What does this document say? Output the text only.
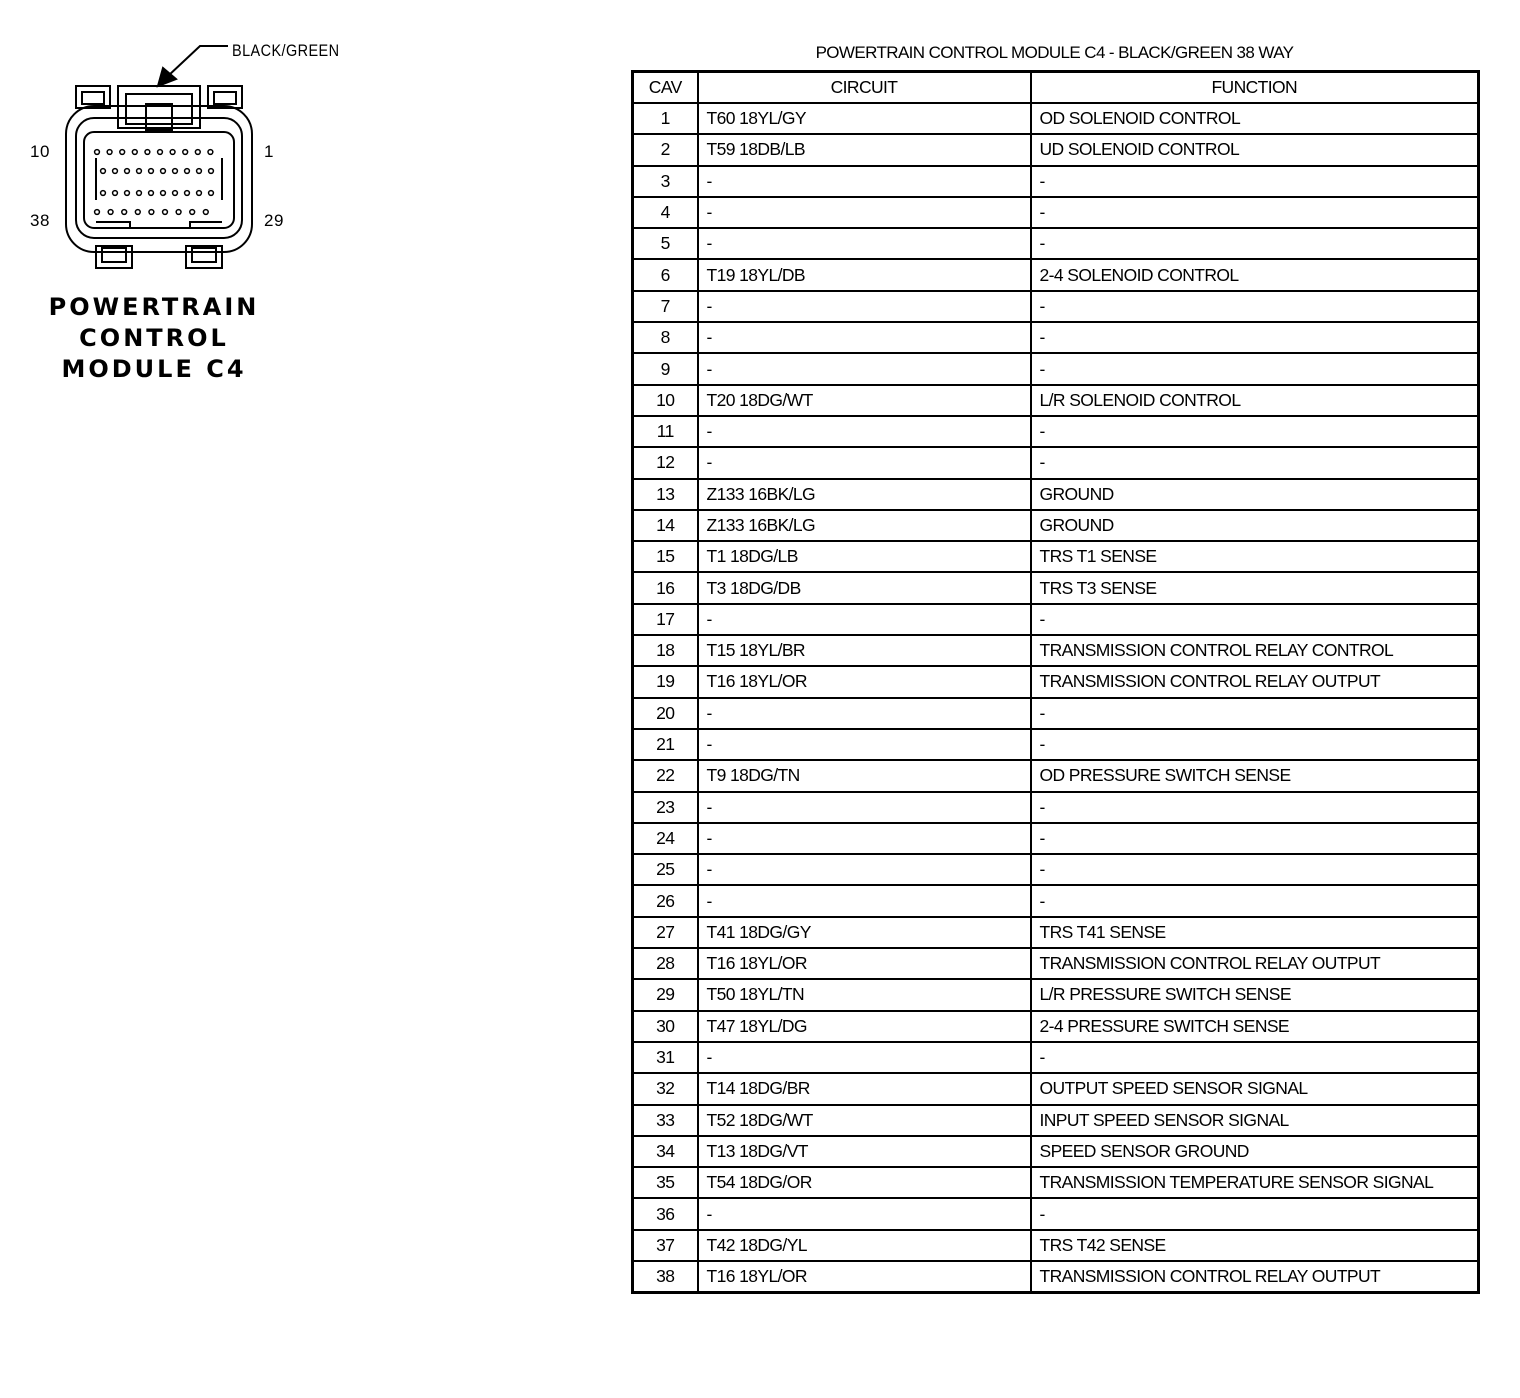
BLACK/GREEN
10	1
38	29
POWERTRAIN
CONTROL
MODULE C4
POWERTRAIN CONTROL MODULE C4 - BLACK/GREEN 38 WAY
CAV	CIRCUIT	FUNCTION
1	T60 18YL/GY	OD SOLENOID CONTROL
2	T59 18DB/LB	UD SOLENOID CONTROL
3	-	-
4	-	-
5	-	-
6	T19 18YL/DB	2-4 SOLENOID CONTROL
7	-	-
8	-	-
9	-	-
10	T20 18DG/WT	L/R SOLENOID CONTROL
11	-	-
12	-	-
13	Z133 16BK/LG	GROUND
14	Z133 16BK/LG	GROUND
15	T1 18DG/LB	TRS T1 SENSE
16	T3 18DG/DB	TRS T3 SENSE
17	-	-
18	T15 18YL/BR	TRANSMISSION CONTROL RELAY CONTROL
19	T16 18YL/OR	TRANSMISSION CONTROL RELAY OUTPUT
20	-	-
21	-	-
22	T9 18DG/TN	OD PRESSURE SWITCH SENSE
23	-	-
24	-	-
25	-	-
26	-	-
27	T41 18DG/GY	TRS T41 SENSE
28	T16 18YL/OR	TRANSMISSION CONTROL RELAY OUTPUT
29	T50 18YL/TN	L/R PRESSURE SWITCH SENSE
30	T47 18YL/DG	2-4 PRESSURE SWITCH SENSE
31	-	-
32	T14 18DG/BR	OUTPUT SPEED SENSOR SIGNAL
33	T52 18DG/WT	INPUT SPEED SENSOR SIGNAL
34	T13 18DG/VT	SPEED SENSOR GROUND
35	T54 18DG/OR	TRANSMISSION TEMPERATURE SENSOR SIGNAL
36	-	-
37	T42 18DG/YL	TRS T42 SENSE
38	T16 18YL/OR	TRANSMISSION CONTROL RELAY OUTPUT
